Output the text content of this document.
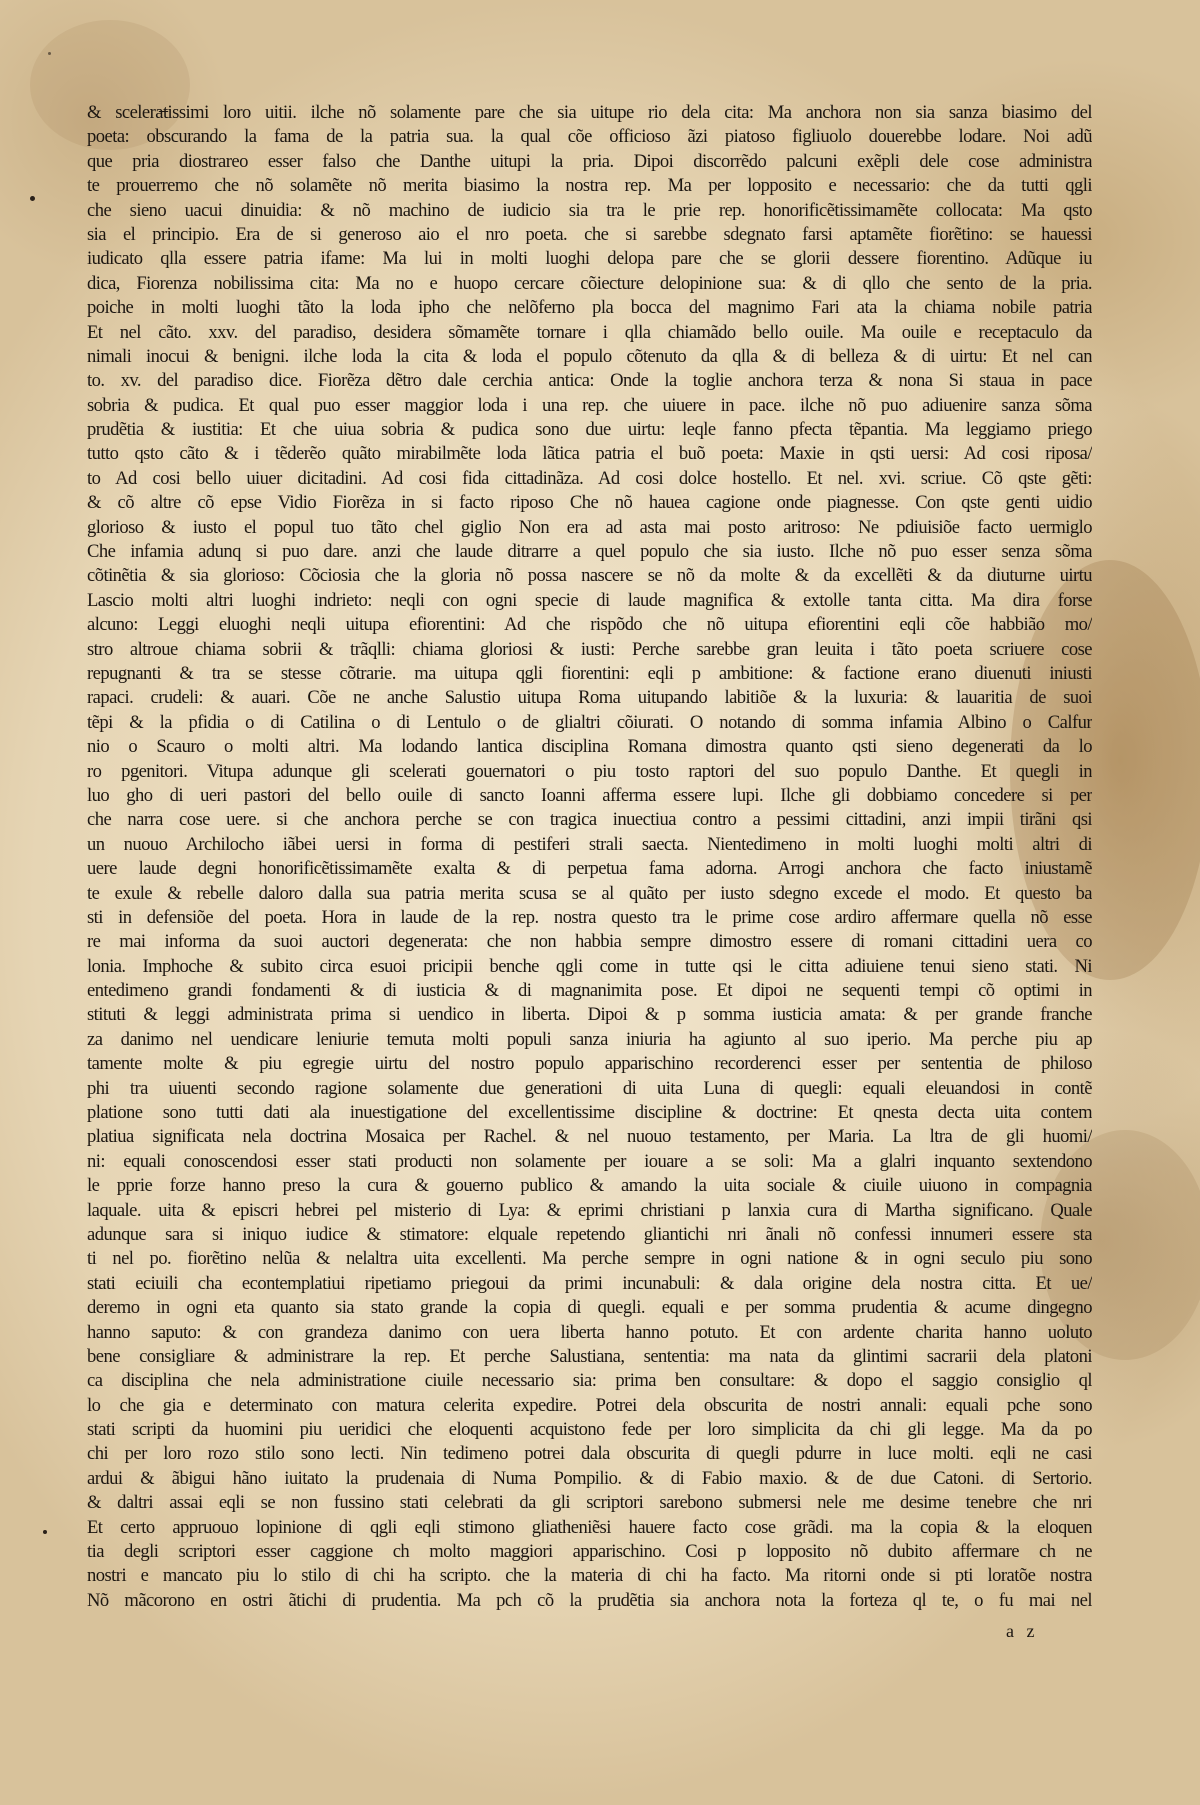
& scelera̶tissimi loro uitii. ilche nõ solamente pare che sia uitupe rio dela cita: Ma anchora non sia sanza biasimo del
poeta: obscurando la fama de la patria sua. la qual cõe officioso ãzi piatoso figliuolo douerebbe lodare. Noi adũ
que pria diostrareo esser falso che Danthe uitupi la pria. Dipoi discorrẽdo palcuni exẽpli dele cose administra
te prouerremo che nõ solamẽte nõ merita biasimo la nostra rep. Ma per lopposito e necessario: che da tutti qgli
che sieno uacui dinuidia: & nõ machino de iudicio sia tra le prie rep. honorificẽtissimamẽte collocata: Ma qsto
sia el principio. Era de si generoso aio el nro poeta. che si sarebbe sdegnato farsi aptamẽte fiorẽtino: se hauessi
iudicato qlla essere patria ifame: Ma lui in molti luoghi delopa pare che se glorii dessere fiorentino. Adũque iu
dica, Fiorenza nobilissima cita: Ma no e huopo cercare cõiecture delopinione sua: & di qllo che sento de la pria.
poiche in molti luoghi tãto la loda ipho che nelõferno pla bocca del magnimo Fari ata la chiama nobile patria
Et nel cãto. xxv. del paradiso, desidera sõmamẽte tornare i qlla chiamãdo bello ouile. Ma ouile e receptaculo da
nimali inocui & benigni. ilche loda la cita & loda el populo cõtenuto da qlla & di belleza & di uirtu: Et nel can
to. xv. del paradiso dice. Fiorẽza dẽtro dale cerchia antica: Onde la toglie anchora terza & nona Si staua in pace
sobria & pudica. Et qual puo esser maggior loda i una rep. che uiuere in pace. ilche nõ puo adiuenire sanza sõma
prudẽtia & iustitia: Et che uiua sobria & pudica sono due uirtu: leqle fanno pfecta tẽpantia. Ma leggiamo priego
tutto qsto cãto & i tẽderẽo quãto mirabilmẽte loda lãtica patria el buõ poeta: Maxie in qsti uersi: Ad cosi riposa/
to Ad cosi bello uiuer dicitadini. Ad cosi fida cittadinãza. Ad cosi dolce hostello. Et nel. xvi. scriue. Cõ qste gẽti:
& cõ altre cõ epse Vidio Fiorẽza in si facto riposo Che nõ hauea cagione onde piagnesse. Con qste genti uidio
glorioso & iusto el popul tuo tãto chel giglio Non era ad asta mai posto aritroso: Ne pdiuisiõe facto uermiglo
Che infamia adunq si puo dare. anzi che laude ditrarre a quel populo che sia iusto. Ilche nõ puo esser senza sõma
cõtinẽtia & sia glorioso: Cõciosia che la gloria nõ possa nascere se nõ da molte & da excellẽti & da diuturne uirtu
Lascio molti altri luoghi indrieto: neqli con ogni specie di laude magnifica & extolle tanta citta. Ma dira forse
alcuno: Leggi eluoghi neqli uitupa efiorentini: Ad che rispõdo che nõ uitupa efiorentini eqli cõe habbião mo/
stro altroue chiama sobrii & trãqlli: chiama gloriosi & iusti: Perche sarebbe gran leuita i tãto poeta scriuere cose
repugnanti & tra se stesse cõtrarie. ma uitupa qgli fiorentini: eqli p ambitione: & factione erano diuenuti iniusti
rapaci. crudeli: & auari. Cõe ne anche Salustio uitupa Roma uitupando labitiõe & la luxuria: & lauaritia de suoi
tẽpi & la pfidia o di Catilina o di Lentulo o de glialtri cõiurati. O notando di somma infamia Albino o Calfur
nio o Scauro o molti altri. Ma lodando lantica disciplina Romana dimostra quanto qsti sieno degenerati da lo
ro pgenitori. Vitupa adunque gli scelerati gouernatori o piu tosto raptori del suo populo Danthe. Et quegli in
luo gho di ueri pastori del bello ouile di sancto Ioanni afferma essere lupi. Ilche gli dobbiamo concedere si per
che narra cose uere. si che anchora perche se con tragica inuectiua contro a pessimi cittadini, anzi impii tirãni qsi
un nuouo Archilocho iãbei uersi in forma di pestiferi strali saecta. Nientedimeno in molti luoghi molti altri di
uere laude degni honorificẽtissimamẽte exalta & di perpetua fama adorna. Arrogi anchora che facto iniustamẽ
te exule & rebelle daloro dalla sua patria merita scusa se al quãto per iusto sdegno excede el modo. Et questo ba
sti in defensiõe del poeta. Hora in laude de la rep. nostra questo tra le prime cose ardiro affermare quella nõ esse
re mai informa da suoi auctori degenerata: che non habbia sempre dimostro essere di romani cittadini uera co
lonia. Imphoche & subito circa esuoi pricipii benche qgli come in tutte qsi le citta adiuiene tenui sieno stati. Ni
entedimeno grandi fondamenti & di iusticia & di magnanimita pose. Et dipoi ne sequenti tempi cõ optimi in
stituti & leggi administrata prima si uendico in liberta. Dipoi & p somma iusticia amata: & per grande franche
za danimo nel uendicare leniurie temuta molti populi sanza iniuria ha agiunto al suo iperio. Ma perche piu ap
tamente molte & piu egregie uirtu del nostro populo apparischino recorderenci esser per sententia de philoso
phi tra uiuenti secondo ragione solamente due generationi di uita Luna di quegli: equali eleuandosi in contẽ
platione sono tutti dati ala inuestigatione del excellentissime discipline & doctrine: Et qnesta decta uita contem
platiua significata nela doctrina Mosaica per Rachel. & nel nuouo testamento, per Maria. La ltra de gli huomi/
ni: equali conoscendosi esser stati producti non solamente per iouare a se soli: Ma a glalri inquanto sextendono
le pprie forze hanno preso la cura & gouerno publico & amando la uita sociale & ciuile uiuono in compagnia
laquale. uita & episcri hebrei pel misterio di Lya: & eprimi christiani p lanxia cura di Martha significano. Quale
adunque sara si iniquo iudice & stimatore: elquale repetendo gliantichi nri ãnali nõ confessi innumeri essere sta
ti nel po. fiorẽtino nelũa & nelaltra uita excellenti. Ma perche sempre in ogni natione & in ogni seculo piu sono
stati eciuili cha econtemplatiui ripetiamo priegoui da primi incunabuli: & dala origine dela nostra citta. Et ue/
deremo in ogni eta quanto sia stato grande la copia di quegli. equali e per somma prudentia & acume dingegno
hanno saputo: & con grandeza danimo con uera liberta hanno potuto. Et con ardente charita hanno uoluto
bene consigliare & administrare la rep. Et perche Salustiana, sententia: ma nata da glintimi sacrarii dela platoni
ca disciplina che nela administratione ciuile necessario sia: prima ben consultare: & dopo el saggio consiglio ql
lo che gia e determinato con matura celerita expedire. Potrei dela obscurita de nostri annali: equali pche sono
stati scripti da huomini piu ueridici che eloquenti acquistono fede per loro simplicita da chi gli legge. Ma da po
chi per loro rozo stilo sono lecti. Nin tedimeno potrei dala obscurita di quegli pdurre in luce molti. eqli ne casi
ardui & ãbigui hãno iuitato la prudenaia di Numa Pompilio. & di Fabio maxio. & de due Catoni. di Sertorio.
& daltri assai eqli se non fussino stati celebrati da gli scriptori sarebono submersi nele me desime tenebre che nri
Et certo appruouo lopinione di qgli eqli stimono gliatheniẽsi hauere facto cose grãdi. ma la copia & la eloquen
tia degli scriptori esser caggione ch molto maggiori apparischino. Cosi p lopposito nõ dubito affermare ch ne
nostri e mancato piu lo stilo di chi ha scripto. che la materia di chi ha facto. Ma ritorni onde si pti loratõe nostra
Nõ mãcorono en ostri ãtichi di prudentia. Ma pch cõ la prudẽtia sia anchora nota la forteza ql te, o fu mai nel
a z
